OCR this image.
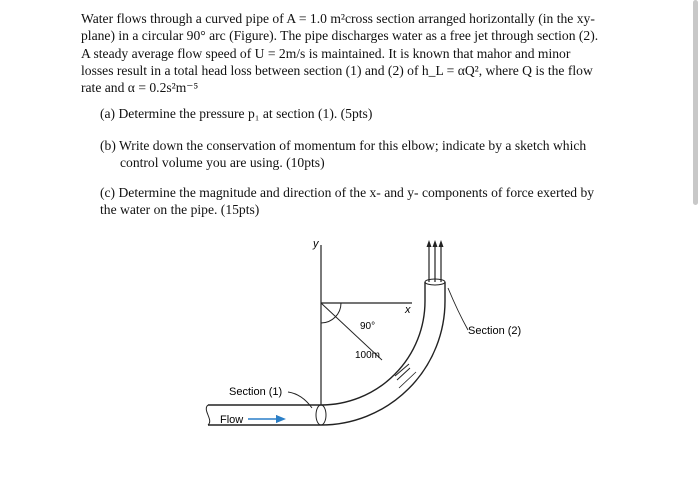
Water flows through a curved pipe of A = 1.0 m²cross section arranged horizontally (in the xy-
plane) in a circular 90° arc (Figure). The pipe discharges water as a free jet through section (2).
A steady average flow speed of U = 2m/s is maintained. It is known that mahor and minor
losses result in a total head loss between section (1) and (2) of h_L = αQ², where Q is the flow
rate and α = 0.2s²m⁻⁵
(a) Determine the pressure p₁ at section (1). (5pts)
(b) Write down the conservation of momentum for this elbow; indicate by a sketch which
control volume you are using. (10pts)
(c) Determine the magnitude and direction of the x- and y- components of force exerted by
the water on the pipe. (15pts)
y
x
90°
100m
Section (1)
Section (2)
Flow
